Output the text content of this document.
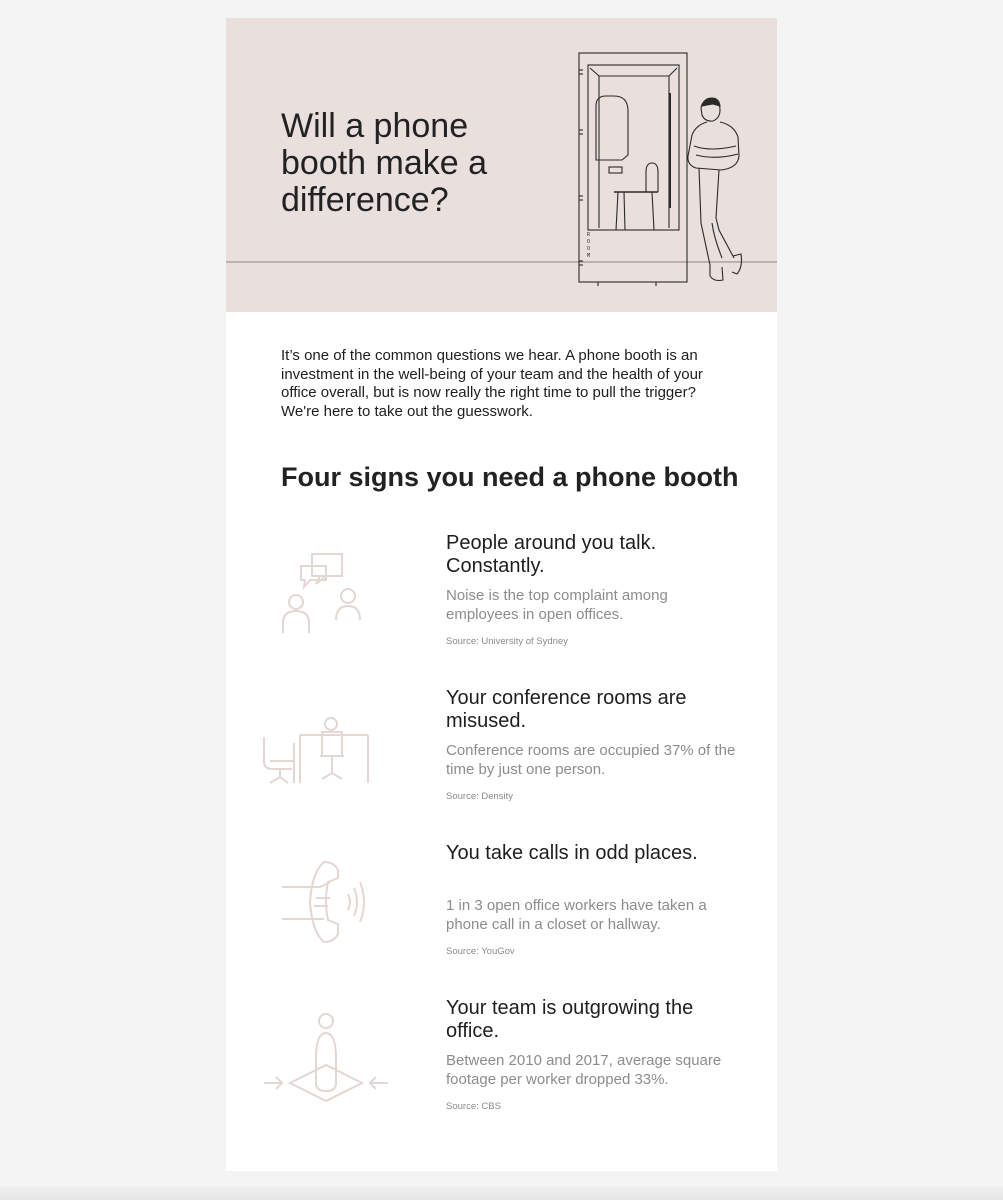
Will a phone booth make a difference?
R
O
O
M

It’s one of the common questions we hear. A phone booth is an investment in the well-being of your team and the health of your office overall, but is now really the right time to pull the trigger? We're here to take out the guesswork.

Four signs you need a phone booth
People around you talk. Constantly.

Noise is the top complaint among employees in open offices.

Source: University of Sydney

Your conference rooms are misused.

Conference rooms are occupied 37% of the time by just one person.

Source: Density

You take calls in odd places.

1 in 3 open office workers have taken a phone call in a closet or hallway.

Source: YouGov

Your team is outgrowing the office.

Between 2010 and 2017, average square footage per worker dropped 33%.

Source: CBS
